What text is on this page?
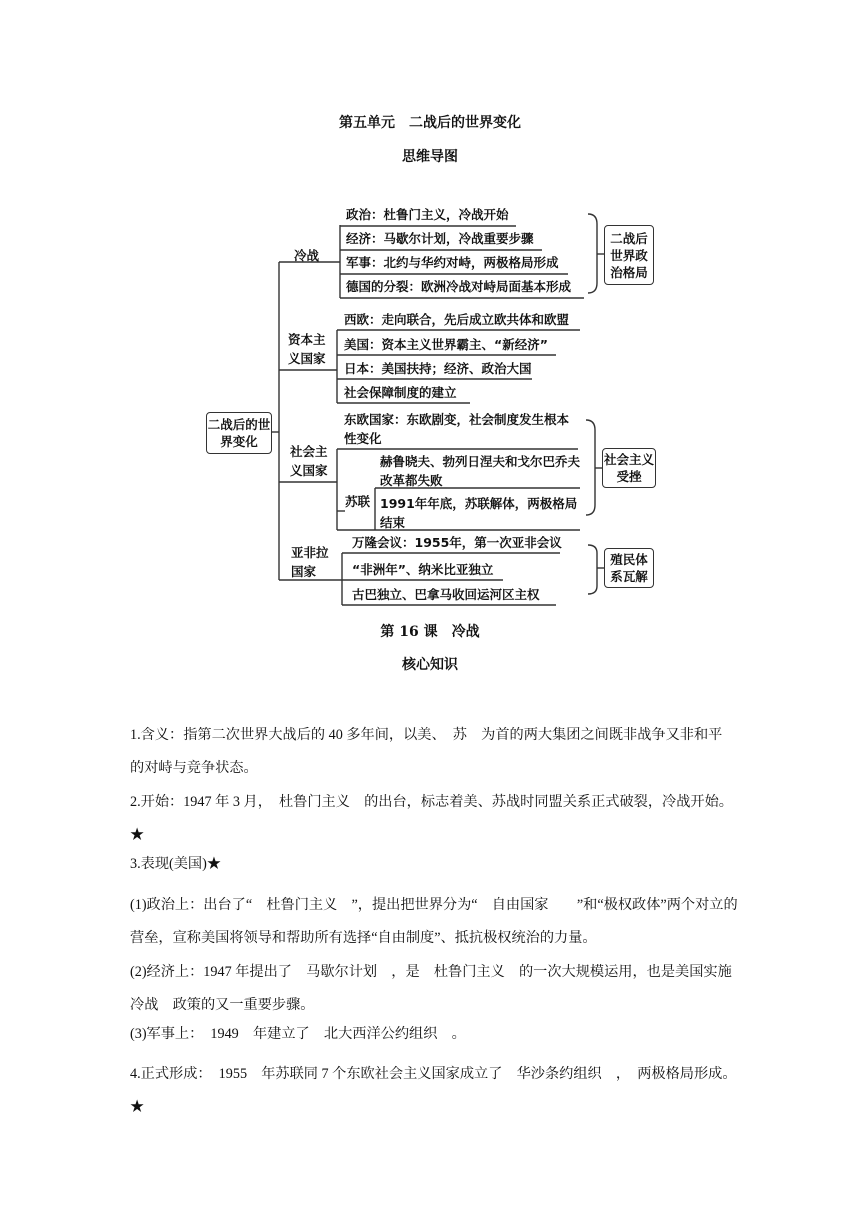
第五单元　二战后的世界变化
思维导图
二战后的世界变化
冷战
政治：杜鲁门主义，冷战开始
经济：马歇尔计划，冷战重要步骤
军事：北约与华约对峙，两极格局形成
德国的分裂：欧洲冷战对峙局面基本形成
资本主义国家
西欧：走向联合，先后成立欧共体和欧盟
美国：资本主义世界霸主、“新经济”
日本：美国扶持；经济、政治大国
社会保障制度的建立
社会主义国家
东欧国家：东欧剧变，社会制度发生根本性变化
苏联
赫鲁晓夫、勃列日涅夫和戈尔巴乔夫改革都失败
1991年年底，苏联解体，两极格局结束
亚非拉国家
万隆会议：1955年，第一次亚非会议
“非洲年”、纳米比亚独立
古巴独立、巴拿马收回运河区主权
二战后世界政治格局
社会主义受挫
殖民体系瓦解
第 16 课　冷战
核心知识
1.含义：指第二次世界大战后的 40 多年间，以美、　苏　为首的两大集团之间既非战争又非和平　的对峙与竞争状态。
2.开始：1947 年 3 月，　杜鲁门主义　的出台，标志着美、苏战时同盟关系正式破裂，冷战开始。★
3.表现(美国)★
(1)政治上：出台了“　杜鲁门主义　”，提出把世界分为“　自由国家　　”和“极权政体”两个对立的营垒，宣称美国将领导和帮助所有选择“自由制度”、抵抗极权统治的力量。
(2)经济上：1947 年提出了　马歇尔计划　，是　杜鲁门主义　的一次大规模运用，也是美国实施　冷战　政策的又一重要步骤。
(3)军事上：　1949　年建立了　北大西洋公约组织　。
4.正式形成：　1955　年苏联同 7 个东欧社会主义国家成立了　华沙条约组织　，　两极格局形成。★
